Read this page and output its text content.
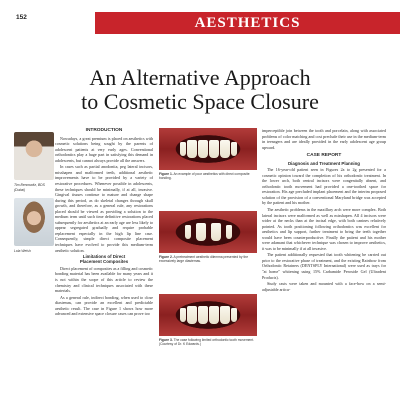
152	AESTHETICS
An Alternative Approach
to Cosmetic Space Closure
Tim Bencowitz, BDS (Dubai)
Lola Welsh
INTRODUCTION

Nowadays, a great premium is placed on aesthetics with cosmetic solutions being sought by the parents of adolescent patients at very early ages. Conventional orthodontics play a huge part in satisfying this demand in adolescents, but cannot always provide all the answers.

In cases such as partial anodontia, peg lateral incisors, misshapen and malformed teeth, additional aesthetic improvements have to be provided by a variety of restorative procedures. Whenever possible in adolescents, these techniques should be minimally, if at all, invasive. Gingival tissues continue to mature and change shape during this period, as do skeletal changes through skull growth, and therefore, as a general rule, any restorations placed should be viewed as providing a solution to the medium term until such time definitive restorations placed subsequently for aesthetics at an early age are less likely to appear segregated gradually and require probable replacement especially in the high lip line case. Consequently, simple direct composite placement techniques have evolved to provide this medium-term aesthetic solution.

Limitations of Direct
Placement Composites

Direct placement of composites as a filling and cosmetic bonding material has been available for many years and it is not within the scope of this article to review the chemistry and clinical techniques associated with these materials.

As a general rule, indirect bonding, when used to close diastemas, can provide an excellent and predictable aesthetic result. The case in Figure 1 shows how more advanced and extensive space closure cases can prove too

Figure 1. An example of poor aesthetics with direct composite bonding.
Figure 2. A pretreatment aesthetic dilemma presented by the excessively large diastemas.
Figure 3. The case following limited orthodontic tooth movement. (Courtesy of Dr. K Edwards.)

imperceptible join between the tooth and porcelain, along with associated problems of color matching and cost preclude their use in the medium-term in teenagers and are ideally provided in the early adolescent age group upward.

CASE REPORT
Diagnosis and Treatment Planning

The 16-year-old patient seen in Figures 2a to 2g presented for a cosmetic opinion toward the completion of his orthodontic treatment. In the lower arch, both central incisors were congenitally absent, and orthodontic tooth movement had provided a one-toothed space for restoration. His age precluded implant placement and the interim proposed solution of the provision of a conventional Maryland bridge was accepted by the patient and his mother.

The aesthetic problems in the maxillary arch were more complex. Both lateral incisors were malformed as well as misshapen. All 4 incisors were wider at the necks than at the incisal edge, with both canines relatively pointed. As tooth positioning following orthodontics was excellent for aesthetics and lip support, further treatment to bring the teeth together would have been counterproductive. Finally the patient and his mother were adamant that whichever technique was chosen to improve aesthetics, it was to be minimally if at all invasive.

The patient additionally requested that tooth whitening be carried out prior to the restorative phase of treatment, and the existing Rainbow from Orthodontic Retainers (DENTSPLY International) were used as trays for "at home" whitening using 15% Carbamide Peroxide Gel (Ultradent Products).

Study casts were taken and mounted with a face-bow on a semi-adjustable articu-
